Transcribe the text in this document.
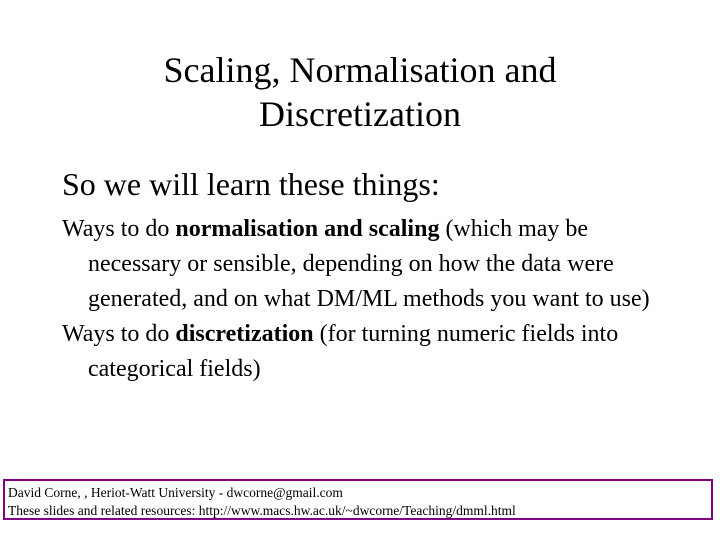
Scaling, Normalisation and
Discretization
So we will learn these things:
Ways to do normalisation and scaling (which may be necessary or sensible, depending on how the data were generated, and on what DM/ML methods you want to use)
Ways to do discretization (for turning numeric fields into categorical fields)
David Corne, , Heriot-Watt University - dwcorne@gmail.com
These slides and related resources: http://www.macs.hw.ac.uk/~dwcorne/Teaching/dmml.html
